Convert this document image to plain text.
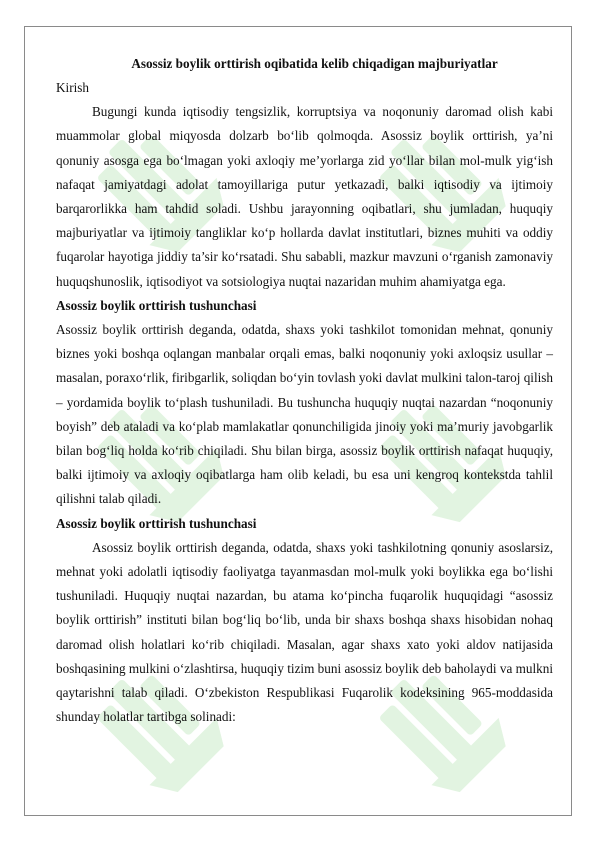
Asossiz boylik orttirish oqibatida kelib chiqadigan majburiyatlar

Kirish

Bugungi kunda iqtisodiy tengsizlik, korruptsiya va noqonuniy daromad olish kabi muammolar global miqyosda dolzarb bo‘lib qolmoqda. Asossiz boylik orttirish, ya’ni qonuniy asosga ega bo‘lmagan yoki axloqiy me’yorlarga zid yo‘llar bilan mol-mulk yig‘ish nafaqat jamiyatdagi adolat tamoyillariga putur yetkazadi, balki iqtisodiy va ijtimoiy barqarorlikka ham tahdid soladi. Ushbu jarayonning oqibatlari, shu jumladan, huquqiy majburiyatlar va ijtimoiy tangliklar ko‘p hollarda davlat institutlari, biznes muhiti va oddiy fuqarolar hayotiga jiddiy ta’sir ko‘rsatadi. Shu sababli, mazkur mavzuni o‘rganish zamonaviy huquqshunoslik, iqtisodiyot va sotsiologiya nuqtai nazaridan muhim ahamiyatga ega.

Asossiz boylik orttirish tushunchasi

Asossiz boylik orttirish deganda, odatda, shaxs yoki tashkilot tomonidan mehnat, qonuniy biznes yoki boshqa oqlangan manbalar orqali emas, balki noqonuniy yoki axloqsiz usullar – masalan, poraxo‘rlik, firibgarlik, soliqdan bo‘yin tovlash yoki davlat mulkini talon-taroj qilish – yordamida boylik to‘plash tushuniladi. Bu tushuncha huquqiy nuqtai nazardan “noqonuniy boyish” deb ataladi va ko‘plab mamlakatlar qonunchiligida jinoiy yoki ma’muriy javobgarlik bilan bog‘liq holda ko‘rib chiqiladi. Shu bilan birga, asossiz boylik orttirish nafaqat huquqiy, balki ijtimoiy va axloqiy oqibatlarga ham olib keladi, bu esa uni kengroq kontekstda tahlil qilishni talab qiladi.

Asossiz boylik orttirish tushunchasi

Asossiz boylik orttirish deganda, odatda, shaxs yoki tashkilotning qonuniy asoslarsiz, mehnat yoki adolatli iqtisodiy faoliyatga tayanmasdan mol-mulk yoki boylikka ega bo‘lishi tushuniladi. Huquqiy nuqtai nazardan, bu atama ko‘pincha fuqarolik huquqidagi “asossiz boylik orttirish” instituti bilan bog‘liq bo‘lib, unda bir shaxs boshqa shaxs hisobidan nohaq daromad olish holatlari ko‘rib chiqiladi. Masalan, agar shaxs xato yoki aldov natijasida boshqasining mulkini o‘zlashtirsa, huquqiy tizim buni asossiz boylik deb baholaydi va mulkni qaytarishni talab qiladi. O‘zbekiston Respublikasi Fuqarolik kodeksining 965-moddasida shunday holatlar tartibga solinadi:
